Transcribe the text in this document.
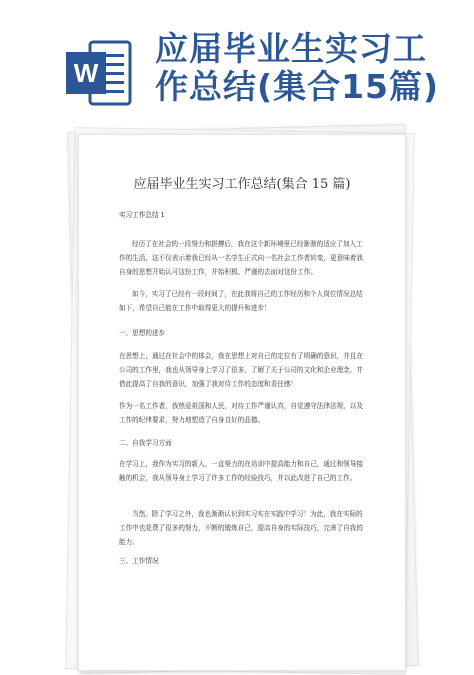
W
应届毕业生实习工
作总结(集合15篇)
应届毕业生实习工作总结(集合 15 篇)
实习工作总结 1

经历了在社会的一段努力和拼搏后，我在这个新环境里已经渐渐的适应了加入工作的生活，这不仅表示着我已经从一名学生正式向一名社会工作者转变，更意味着我自身的思想开始认可这份工作，并始积极、严谨的去面对这份工作。

如今，实习了已经有一段时间了，在此我将自己的工作经历和个人岗位情况总结如下，希望自己能在工作中取得更大的提升和进步！

一、思想的进步

在思想上，通过在社会中的体会，我在思想上对自己的定位有了明确的意识，并且在公司的工作里，我也从领导身上学习了很多，了解了关于公司的文化和企业理念，并借此提高了自我的意识，加强了我对待工作的态度和责任感！

作为一名工作者，我热爱祖国和人民，对待工作严谨认真，自觉遵守法律法规，以及工作的纪律要求，努力地塑造了自身良好的品德。

二、自我学习方面

在学习上，我作为实习的新人，一直努力的在培训中提高能力和自己，通过和领导接触的机会，我从领导身上学习了许多工作的经验技巧，并以此改进了自己的工作。

当然，除了学习之外，我也渐渐认识到实习实在实践中学习！为此，我在实际的工作中也花费了很多的努力，不断的锻炼自己，提高自身的实际技巧，完善了自我的能力。

三、工作情况
